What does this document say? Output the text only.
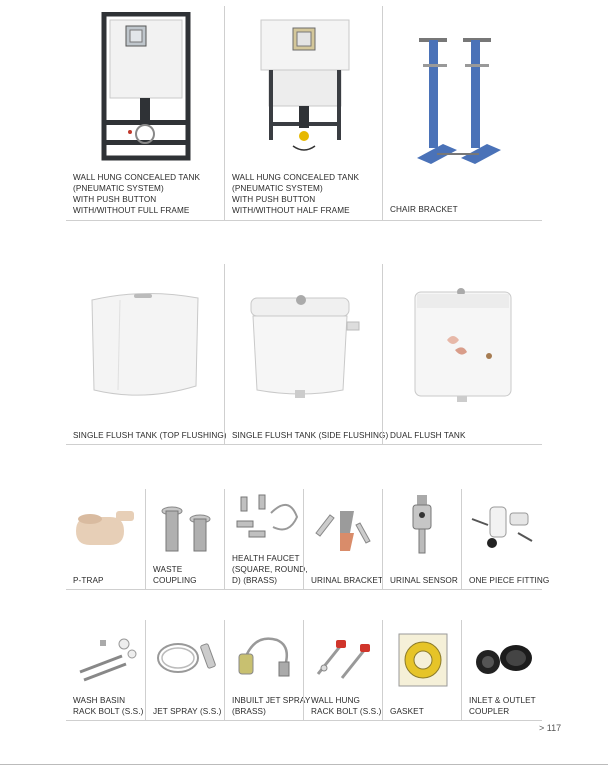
WALL HUNG CONCEALED TANK
(PNEUMATIC SYSTEM)
WITH PUSH BUTTON
WITH/WITHOUT FULL FRAME
WALL HUNG CONCEALED TANK
(PNEUMATIC SYSTEM)
WITH PUSH BUTTON
WITH/WITHOUT HALF FRAME	CHAIR BRACKET
SINGLE FLUSH TANK (TOP FLUSHING) SINGLE FLUSH TANK (SIDE FLUSHING) DUAL FLUSH TANK
P-TRAP
WASTE
COUPLING
HEALTH FAUCET
(SQUARE, ROUND,
D) (BRASS)	URINAL BRACKET URINAL SENSOR ONE PIECE FITTING
WASH BASIN
RACK BOLT (S.S.) JET SPRAY (S.S.)
INBUILT JET SPRAY
(BRASS)
WALL HUNG
RACK BOLT (S.S.) GASKET
INLET & OUTLET
COUPLER
> 117
